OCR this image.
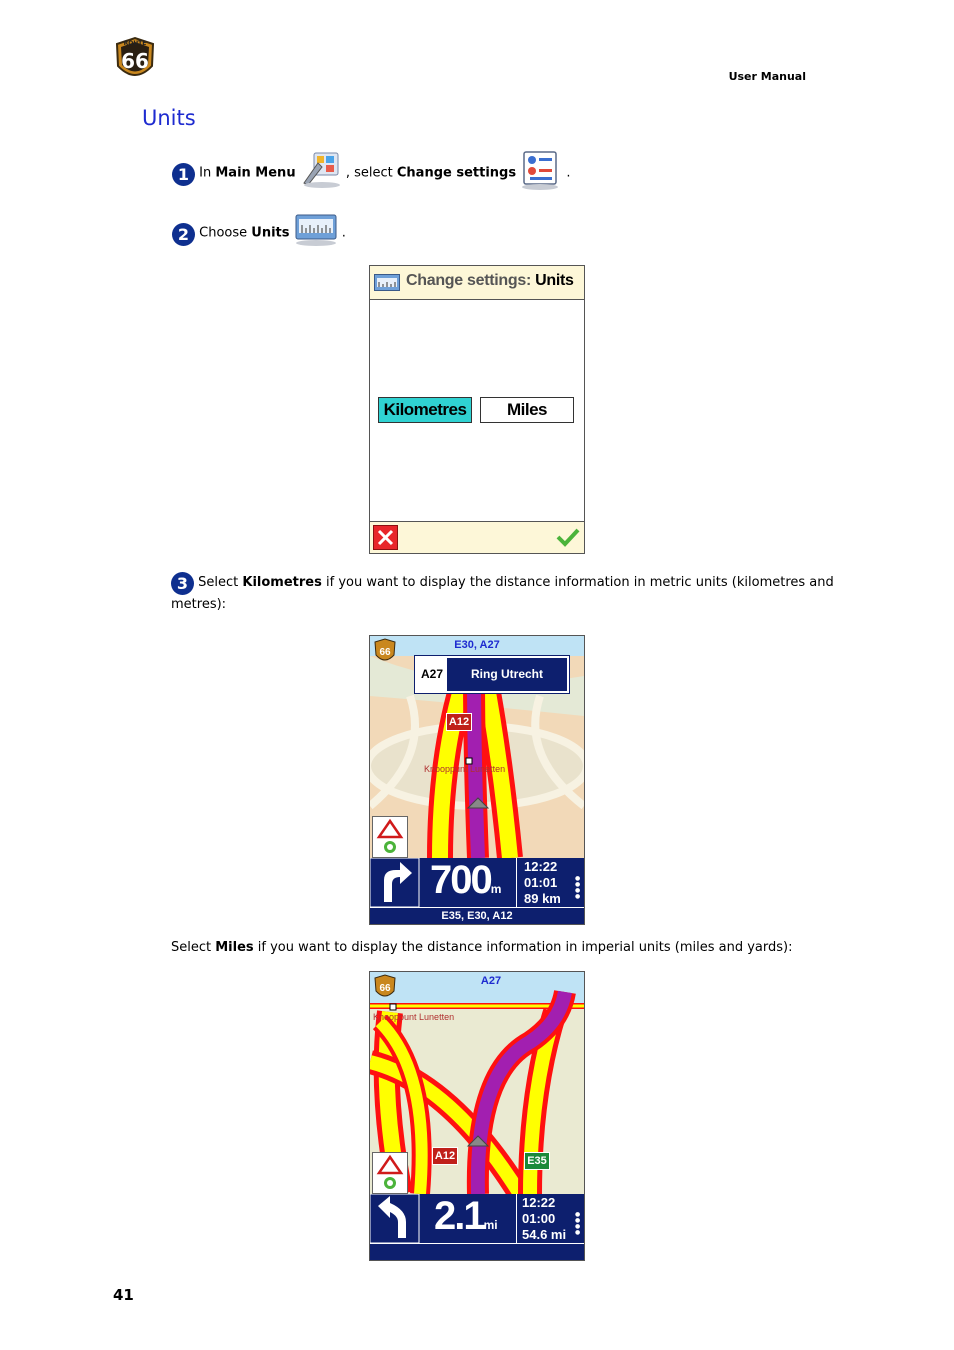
ROUTE
66
User Manual
Units
1 In Main Menu	, select Change settings	.
2 Choose Units	.
Change settings: Units
Kilometres	Miles
3 Select Kilometres if you want to display the distance information in metric units (kilometres and metres):
66
E30, A27
A27	Ring Utrecht
A12
Knooppunt Lunetten
700m
12:22
01:01
89 km
●
●
●
●
E35, E30, A12
Select Miles if you want to display the distance information in imperial units (miles and yards):
66
A27
Knooppunt Lunetten
A12	E35
2.1mi
12:22
01:00
54.6 mi
●
●
●
●
41
